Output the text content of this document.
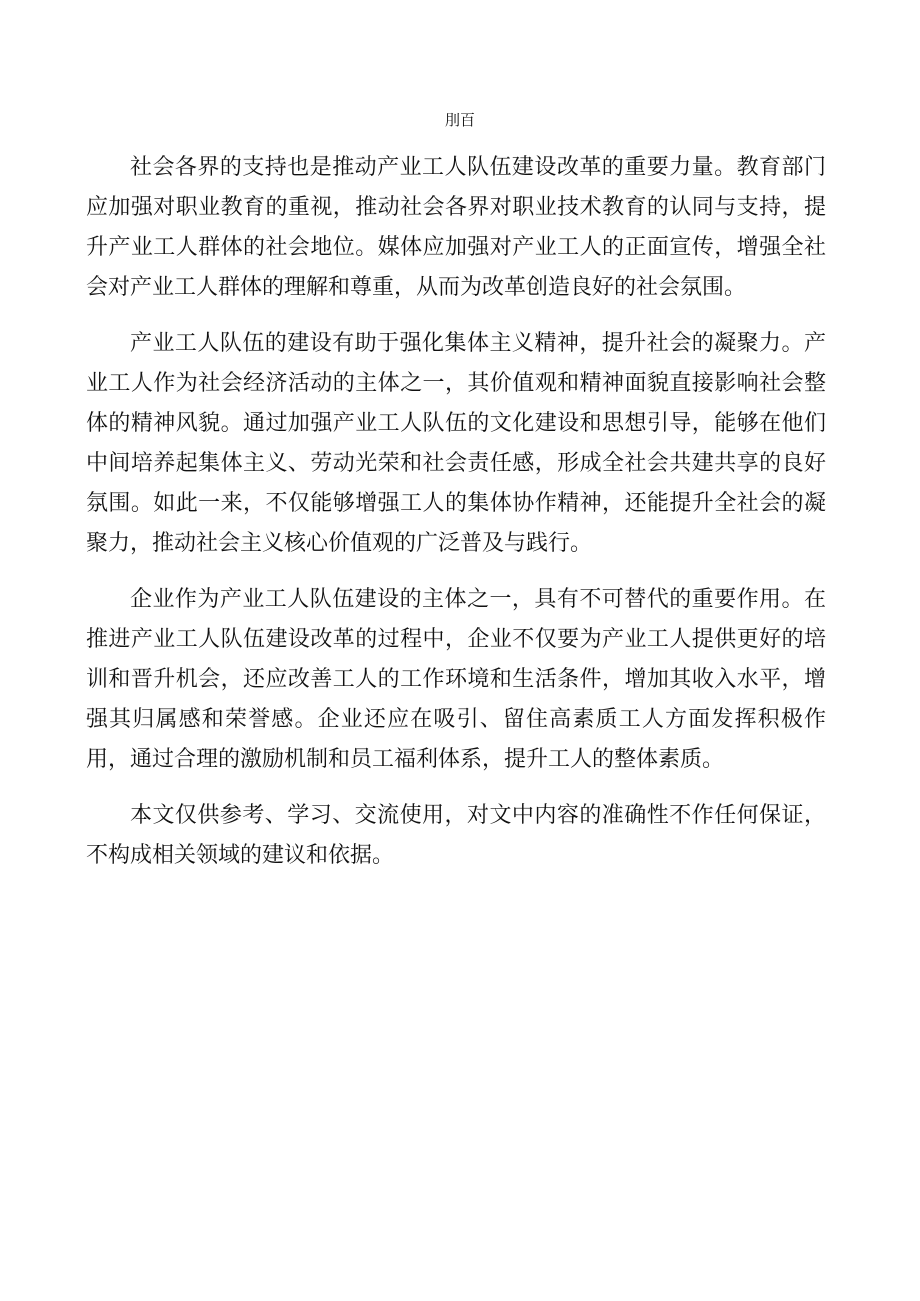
刖百

社会各界的支持也是推动产业工人队伍建设改革的重要力量。教育部门应加强对职业教育的重视，推动社会各界对职业技术教育的认同与支持，提升产业工人群体的社会地位。媒体应加强对产业工人的正面宣传，增强全社会对产业工人群体的理解和尊重，从而为改革创造良好的社会氛围。

产业工人队伍的建设有助于强化集体主义精神，提升社会的凝聚力。产业工人作为社会经济活动的主体之一，其价值观和精神面貌直接影响社会整体的精神风貌。通过加强产业工人队伍的文化建设和思想引导，能够在他们中间培养起集体主义、劳动光荣和社会责任感，形成全社会共建共享的良好氛围。如此一来，不仅能够增强工人的集体协作精神，还能提升全社会的凝聚力，推动社会主义核心价值观的广泛普及与践行。

企业作为产业工人队伍建设的主体之一，具有不可替代的重要作用。在推进产业工人队伍建设改革的过程中，企业不仅要为产业工人提供更好的培训和晋升机会，还应改善工人的工作环境和生活条件，增加其收入水平，增强其归属感和荣誉感。企业还应在吸引、留住高素质工人方面发挥积极作用，通过合理的激励机制和员工福利体系，提升工人的整体素质。

本文仅供参考、学习、交流使用，对文中内容的准确性不作任何保证，不构成相关领域的建议和依据。
